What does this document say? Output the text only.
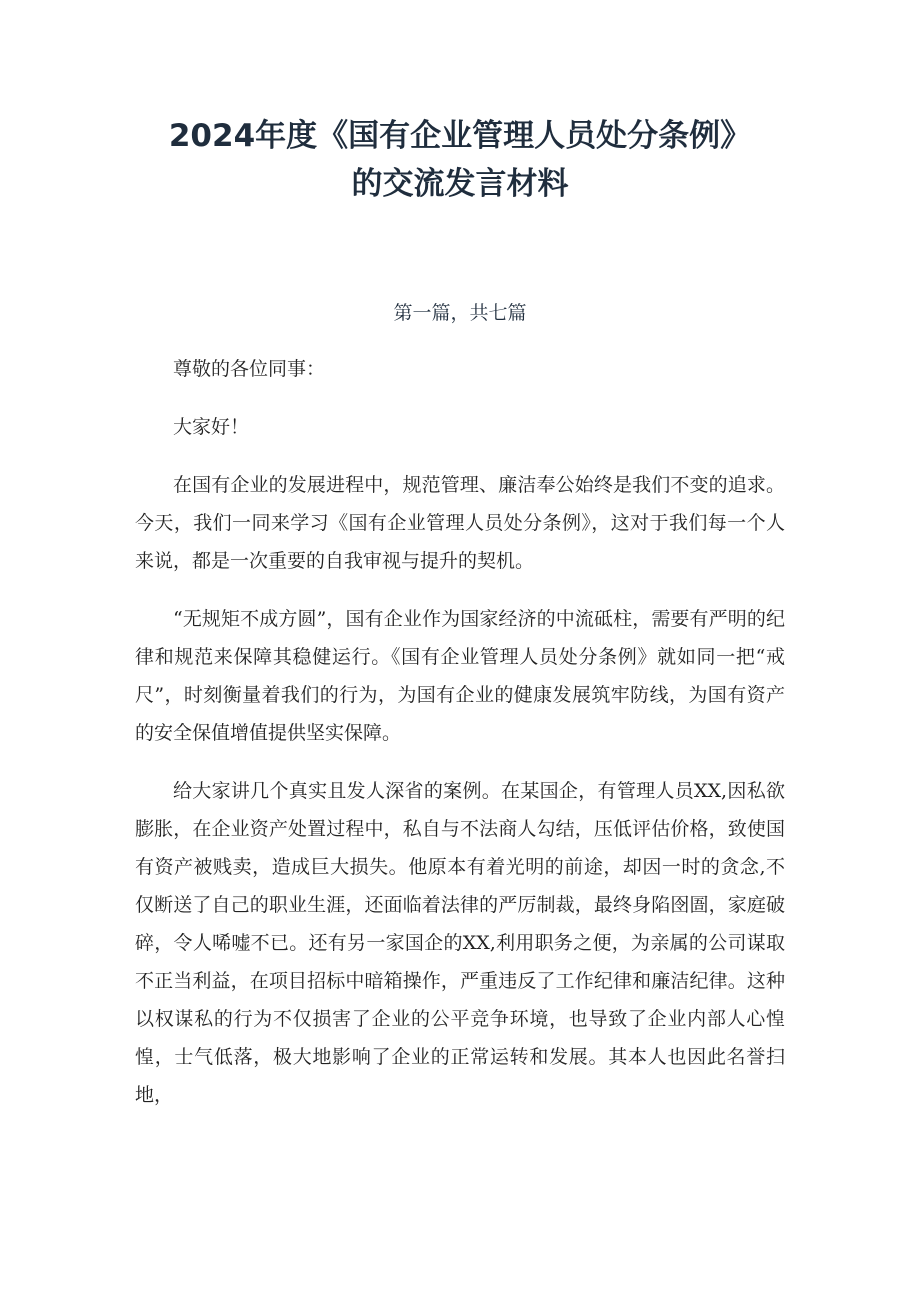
2024年度《国有企业管理人员处分条例》
的交流发言材料
第一篇，共七篇

尊敬的各位同事：

大家好！

在国有企业的发展进程中，规范管理、廉洁奉公始终是我们不变的追求。今天，我们一同来学习《国有企业管理人员处分条例》，这对于我们每一个人来说，都是一次重要的自我审视与提升的契机。

“无规矩不成方圆”，国有企业作为国家经济的中流砥柱，需要有严明的纪律和规范来保障其稳健运行。《国有企业管理人员处分条例》就如同一把“戒尺”，时刻衡量着我们的行为，为国有企业的健康发展筑牢防线，为国有资产的安全保值增值提供坚实保障。

给大家讲几个真实且发人深省的案例。在某国企，有管理人员XX,因私欲膨胀，在企业资产处置过程中，私自与不法商人勾结，压低评估价格，致使国有资产被贱卖，造成巨大损失。他原本有着光明的前途，却因一时的贪念,不仅断送了自己的职业生涯，还面临着法律的严厉制裁，最终身陷囹圄，家庭破碎，令人唏嘘不已。还有另一家国企的XX,利用职务之便，为亲属的公司谋取不正当利益，在项目招标中暗箱操作，严重违反了工作纪律和廉洁纪律。这种以权谋私的行为不仅损害了企业的公平竞争环境，也导致了企业内部人心惶惶，士气低落，极大地影响了企业的正常运转和发展。其本人也因此名誉扫地，
